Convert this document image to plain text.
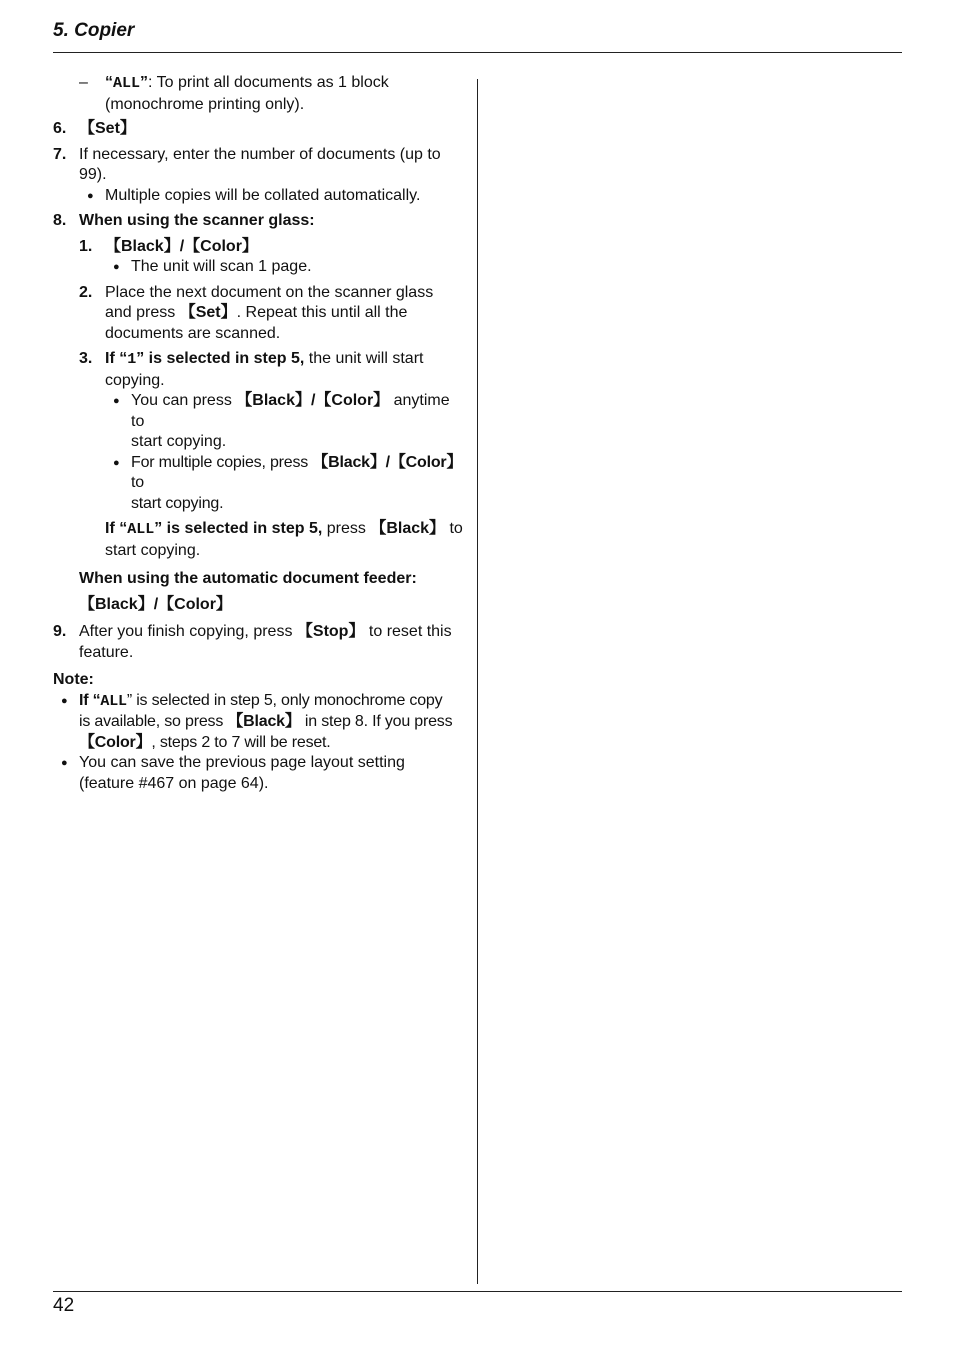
5. Copier
– “ALL”: To print all documents as 1 block
(monochrome printing only).
6. 【Set】
7. If necessary, enter the number of documents (up to
99).

● Multiple copies will be collated automatically.
8. When using the scanner glass:
1. 【Black】/【Color】

● The unit will scan 1 page.
2. Place the next document on the scanner glass
and press 【Set】. Repeat this until all the
documents are scanned.
3. If “1” is selected in step 5, the unit will start
copying.

● You can press 【Black】/【Color】 anytime to
start copying.

● For multiple copies, press 【Black】/【Color】 to
start copying.
If “ALL” is selected in step 5, press 【Black】 to
start copying.
When using the automatic document feeder:
【Black】/【Color】
9. After you finish copying, press 【Stop】 to reset this
feature.
Note:

● If “ALL” is selected in step 5, only monochrome copy
is available, so press 【Black】 in step 8. If you press
【Color】, steps 2 to 7 will be reset.
● You can save the previous page layout setting
(feature #467 on page 64).
42
